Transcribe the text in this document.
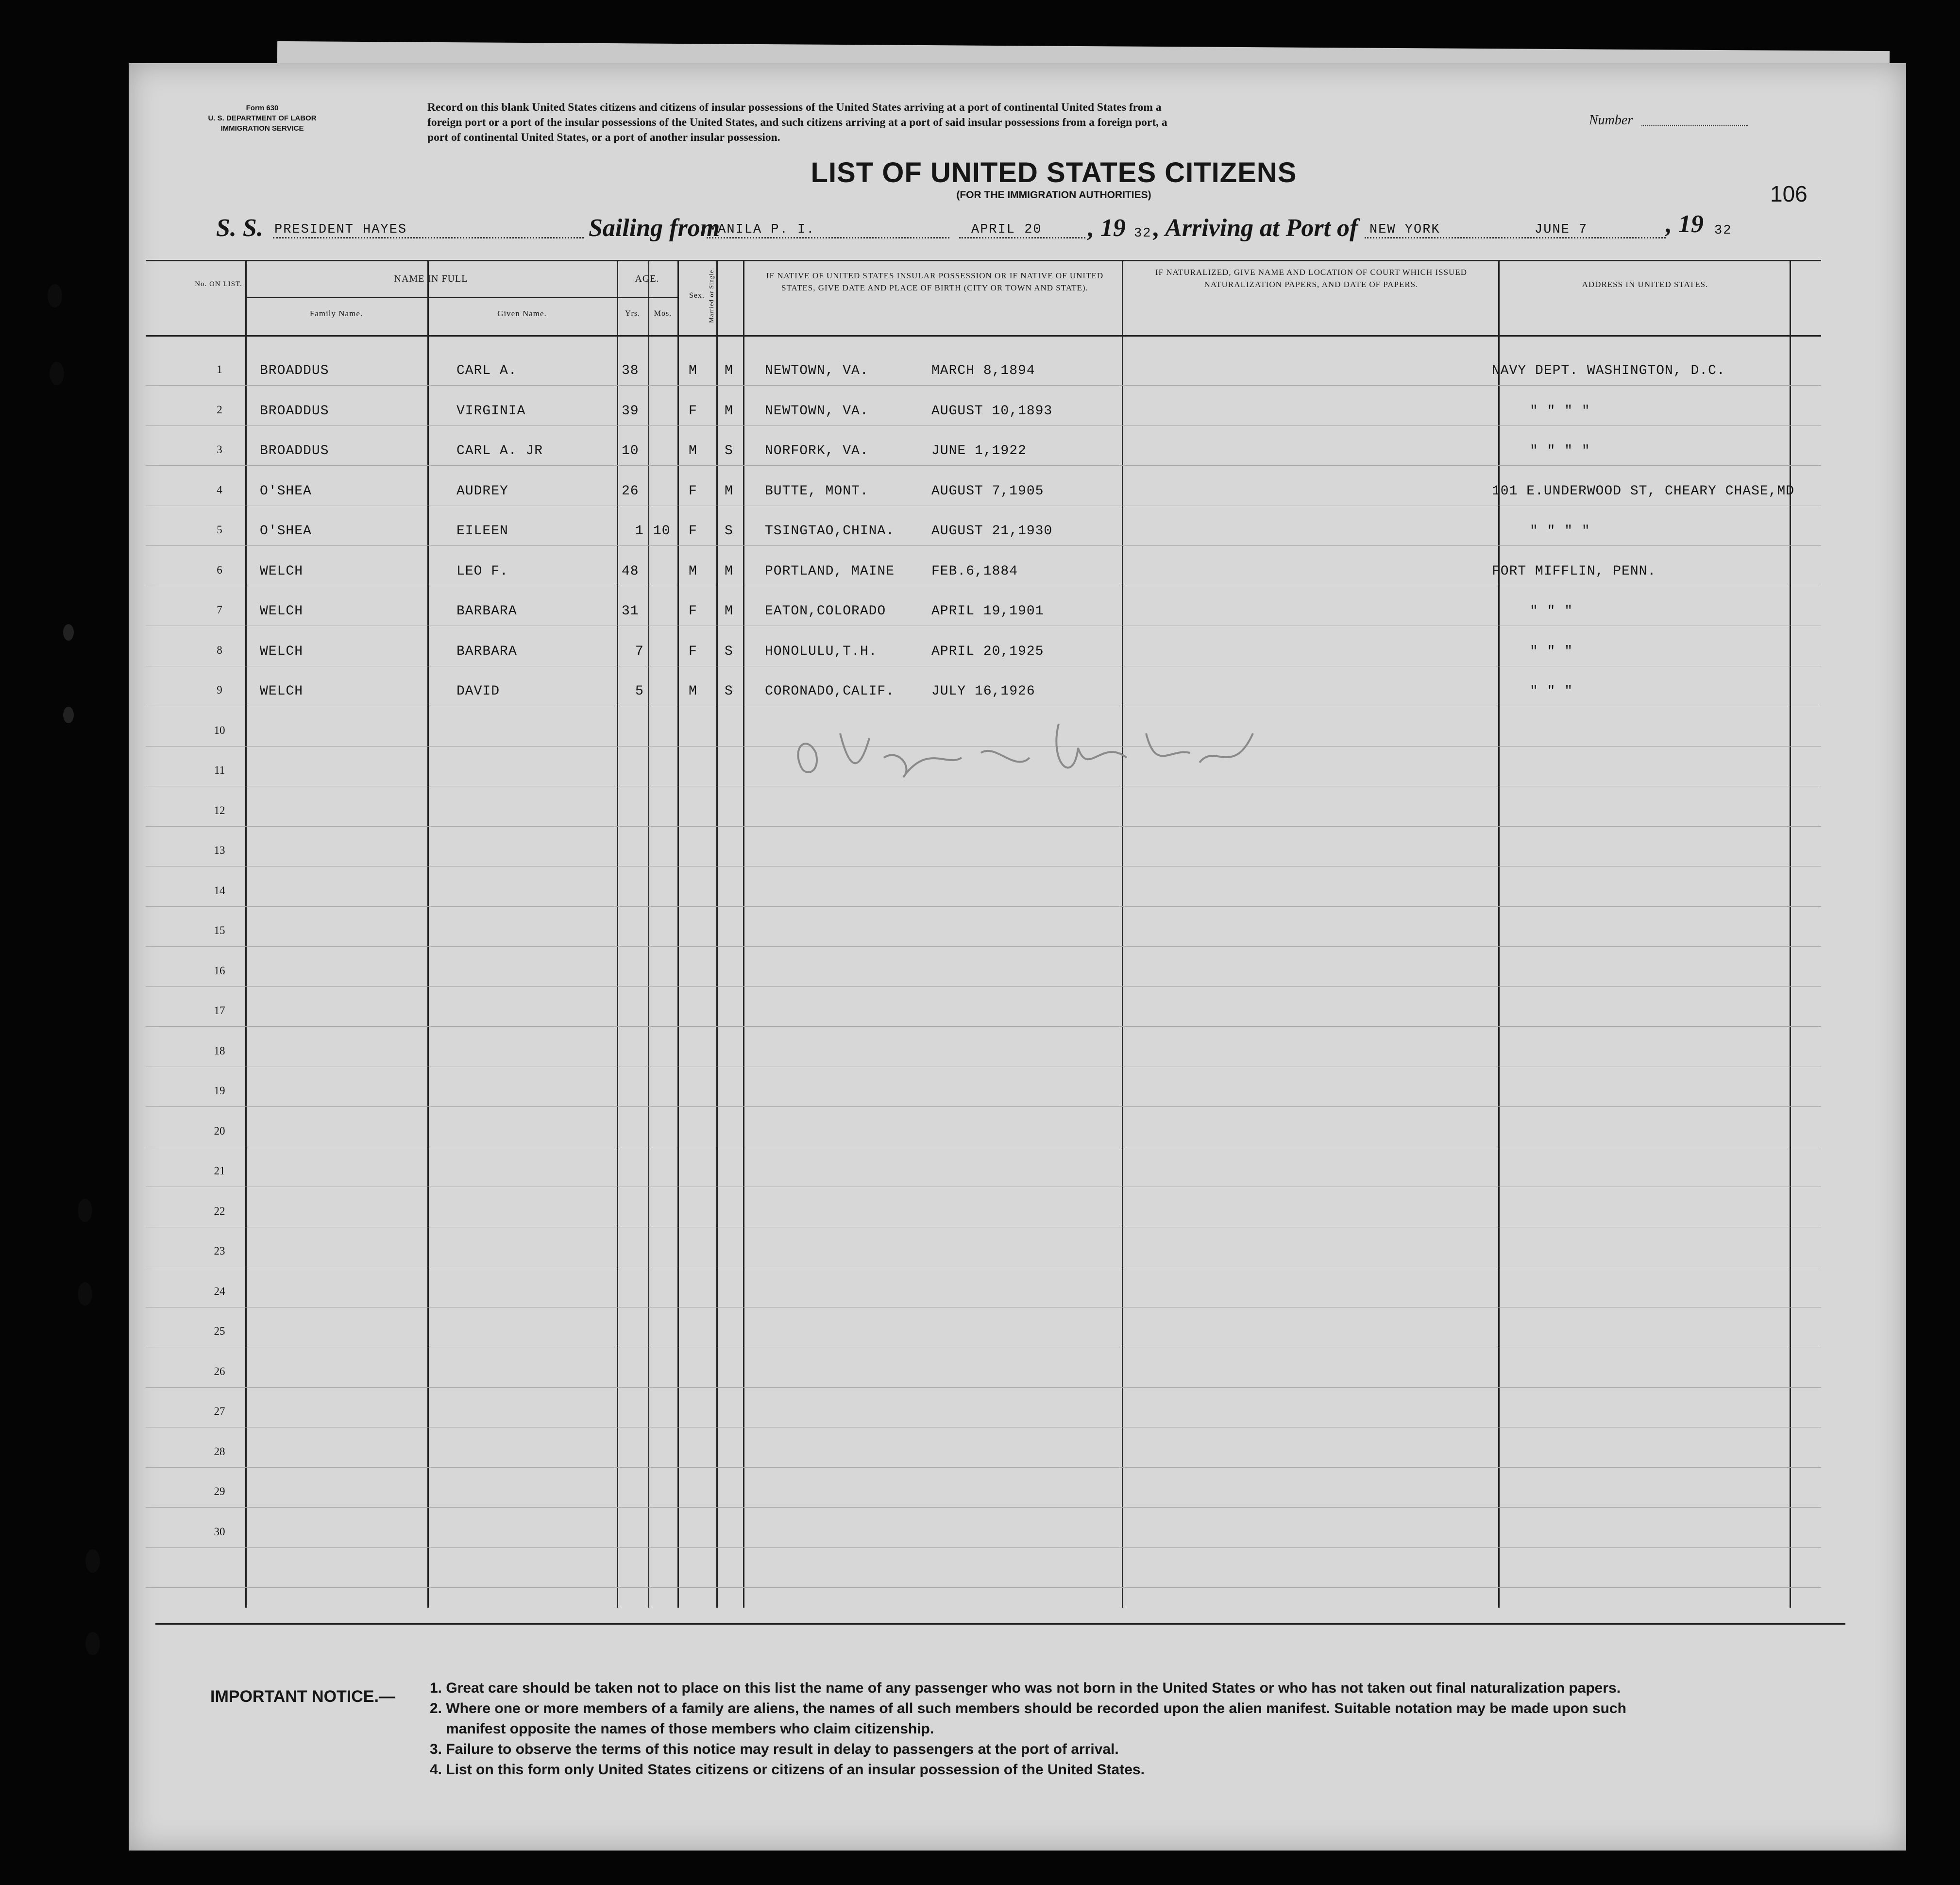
Form 630
U. S. DEPARTMENT OF LABOR
IMMIGRATION SERVICE
Record on this blank United States citizens and citizens of insular possessions of the United States arriving at a port of continental United States from a
foreign port or a port of the insular possessions of the United States, and such citizens arriving at a port of said insular possessions from a foreign port, a
port of continental United States, or a port of another insular possession.
Number
LIST OF UNITED STATES CITIZENS
(FOR THE IMMIGRATION AUTHORITIES)	106
S. S. PRESIDENT HAYES	Sailing from
MANILA P. I.	APRIL 20 , 19 32 , Arriving at Port of NEW YORK	JUNE 7	, 19 32
No. ON LIST.	NAME IN FULL
Family Name.	Given Name.
AGE.
Yrs.	Mos.
Sex. Married or Single.	IF NATIVE OF UNITED STATES INSULAR POSSESSION OR IF NATIVE OF UNITED STATES, GIVE DATE AND PLACE OF BIRTH (CITY OR TOWN AND STATE).
IF NATURALIZED, GIVE NAME AND LOCATION OF COURT WHICH ISSUED NATURALIZATION PAPERS, AND DATE OF PAPERS.	ADDRESS IN UNITED STATES.
1	BROADDUS	CARL A.	38	M M NEWTOWN, VA.	MARCH 8,1894	NAVY DEPT. WASHINGTON, D.C.
2	BROADDUS	VIRGINIA	39	F M NEWTOWN, VA.	AUGUST 10,1893	" " " "
3	BROADDUS	CARL A. JR	10	M S NORFORK, VA.	JUNE 1,1922	" " " "
4	O'SHEA	AUDREY	26	F M BUTTE, MONT.	AUGUST 7,1905	101 E.UNDERWOOD ST, CHEARY CHASE,MD
5	O'SHEA	EILEEN	1 10 F S TSINGTAO,CHINA.	AUGUST 21,1930	" " " "
6	WELCH	LEO F.	48	M M PORTLAND, MAINE	FEB.6,1884	FORT MIFFLIN, PENN.
7	WELCH	BARBARA	31	F M EATON,COLORADO	APRIL 19,1901	" " "
8	WELCH	BARBARA	7	F S HONOLULU,T.H.	APRIL 20,1925	" " "
9	WELCH	DAVID	5	M S CORONADO,CALIF.	JULY 16,1926	" " "
10
11
12
13
14
15
16
17
18
19
20
21
22
23
24
25
26
27
28
29
30
IMPORTANT NOTICE.— 1. Great care should be taken not to place on this list the name of any passenger who was not born in the United States or who has not taken out final naturalization papers.
2. Where one or more members of a family are aliens, the names of all such members should be recorded upon the alien manifest. Suitable notation may be made upon such
manifest opposite the names of those members who claim citizenship.
3. Failure to observe the terms of this notice may result in delay to passengers at the port of arrival.
4. List on this form only United States citizens or citizens of an insular possession of the United States.
